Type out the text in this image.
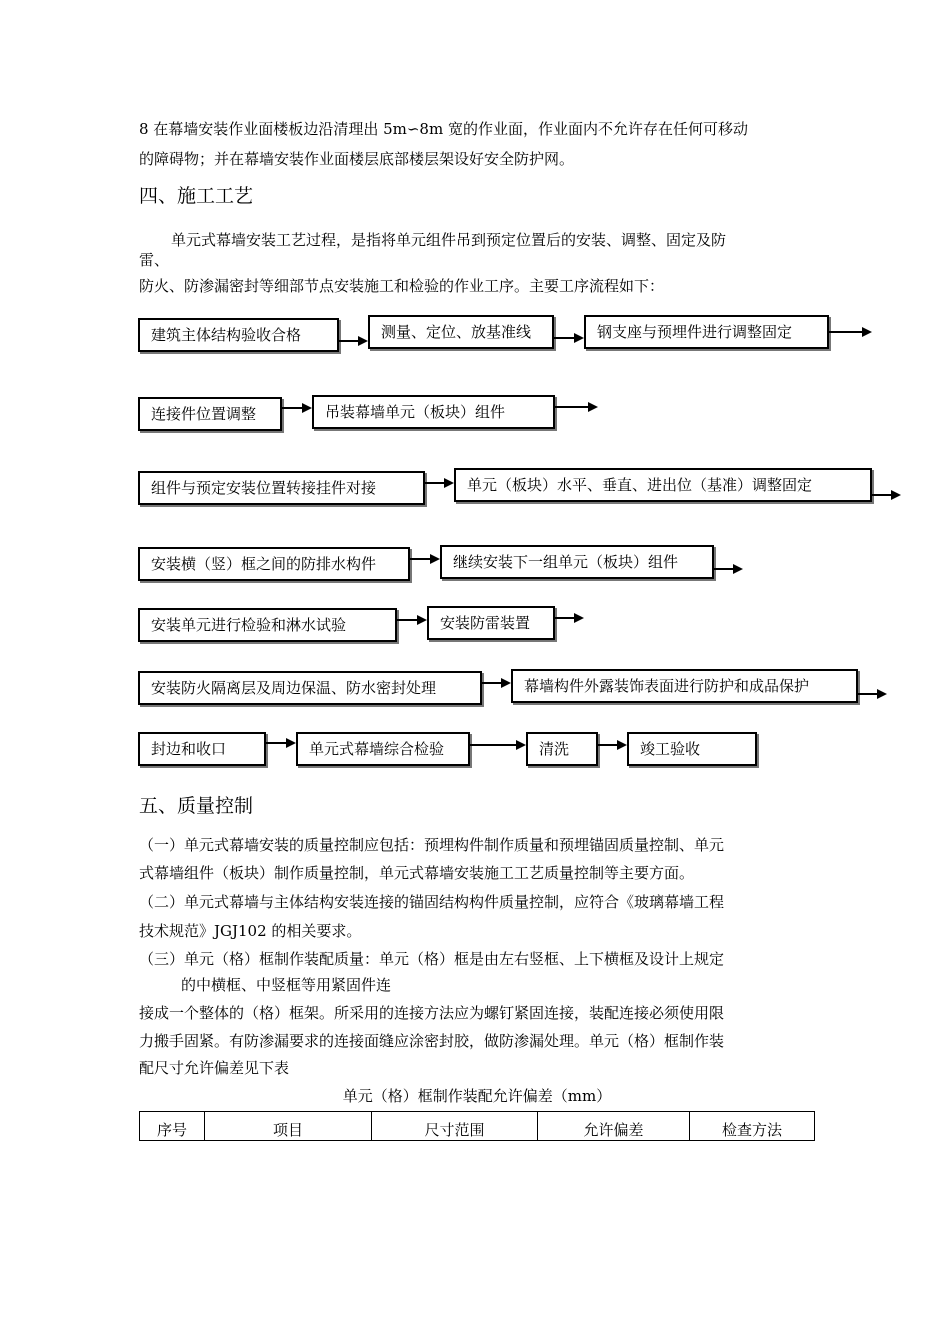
8 在幕墙安装作业面楼板边沿清理出 5m∽8m 宽的作业面，作业面内不允许存在任何可移动
的障碍物；并在幕墙安装作业面楼层底部楼层架设好安全防护网。
四、施工工艺
单元式幕墙安装工艺过程，是指将单元组件吊到预定位置后的安装、调整、固定及防
雷、
防火、防渗漏密封等细部节点安装施工和检验的作业工序。主要工序流程如下：
建筑主体结构验收合格	测量、定位、放基准线	钢支座与预埋件进行调整固定
连接件位置调整	吊装幕墙单元（板块）组件
组件与预定安装位置转接挂件对接	单元（板块）水平、垂直、进出位（基准）调整固定
安装横（竖）框之间的防排水构件	继续安装下一组单元（板块）组件
安装单元进行检验和淋水试验	安装防雷装置
安装防火隔离层及周边保温、防水密封处理	幕墙构件外露装饰表面进行防护和成品保护
封边和收口	单元式幕墙综合检验	清洗	竣工验收
五、质量控制
（一）单元式幕墙安装的质量控制应包括：预埋构件制作质量和预埋锚固质量控制、单元
式幕墙组件（板块）制作质量控制，单元式幕墙安装施工工艺质量控制等主要方面。
（二）单元式幕墙与主体结构安装连接的锚固结构构件质量控制，应符合《玻璃幕墙工程
技术规范》JGJ102 的相关要求。
（三）单元（格）框制作装配质量：单元（格）框是由左右竖框、上下横框及设计上规定
的中横框、中竖框等用紧固件连
接成一个整体的（格）框架。所采用的连接方法应为螺钉紧固连接，装配连接必须使用限
力搬手固紧。有防渗漏要求的连接面缝应涂密封胶，做防渗漏处理。单元（格）框制作装
配尺寸允许偏差见下表
单元（格）框制作装配允许偏差（mm）
序号	项目	尺寸范围	允许偏差	检查方法
